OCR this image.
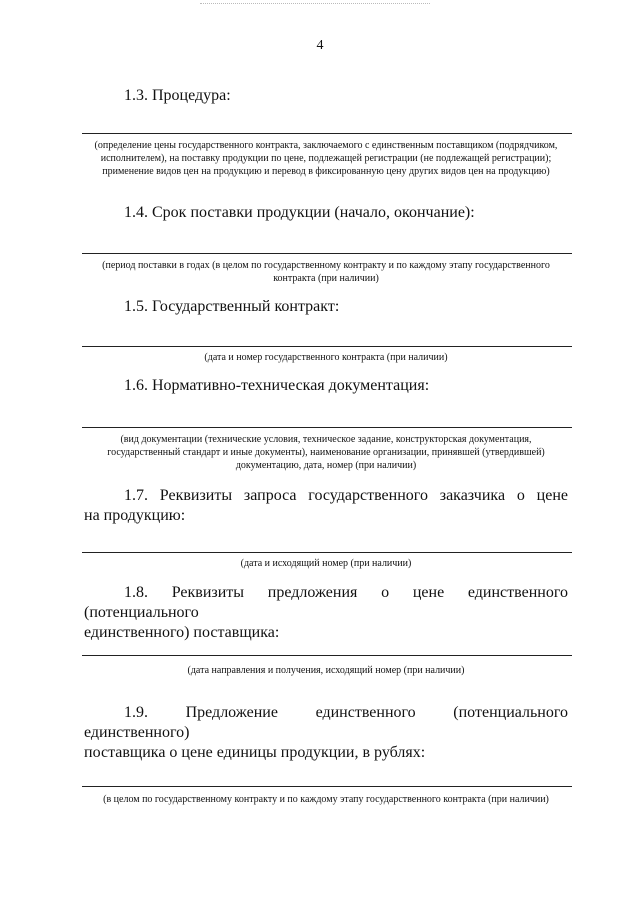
4
1.3. Процедура:
(определение цены государственного контракта, заключаемого с единственным поставщиком (подрядчиком, исполнителем), на поставку продукции по цене, подлежащей регистрации (не подлежащей регистрации); применение видов цен на продукцию и перевод в фиксированную цену других видов цен на продукцию)
1.4. Срок поставки продукции (начало, окончание):
(период поставки в годах (в целом по государственному контракту и по каждому этапу государственного контракта (при наличии)
1.5. Государственный контракт:
(дата и номер государственного контракта (при наличии)
1.6. Нормативно-техническая документация:
(вид документации (технические условия, техническое задание, конструкторская документация, государственный стандарт и иные документы), наименование организации, принявшей (утвердившей) документацию, дата, номер (при наличии)
1.7. Реквизиты запроса государственного заказчика о цене
на продукцию:
(дата и исходящий номер (при наличии)
1.8. Реквизиты предложения о цене единственного (потенциального
единственного) поставщика:
(дата направления и получения, исходящий номер (при наличии)
1.9. Предложение единственного (потенциального единственного)
поставщика о цене единицы продукции, в рублях:
(в целом по государственному контракту и по каждому этапу государственного контракта (при наличии)
